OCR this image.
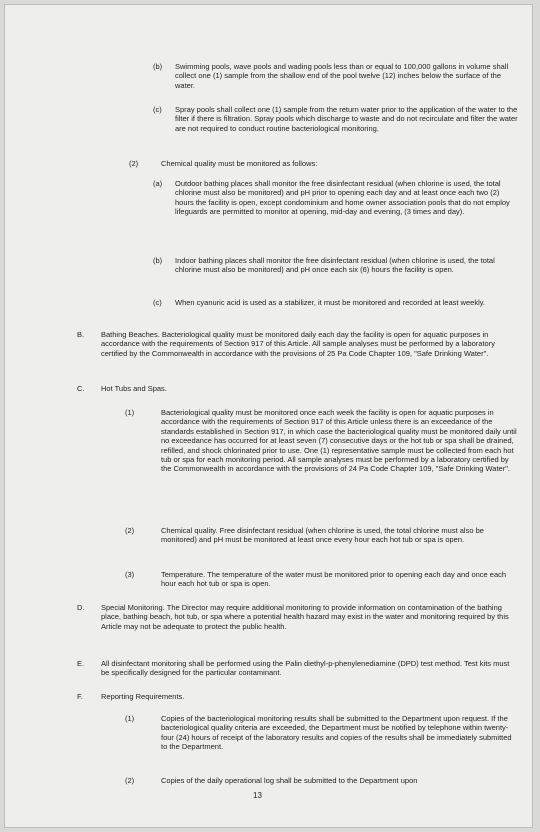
(b) Swimming pools, wave pools and wading pools less than or equal to 100,000 gallons in volume shall collect one (1) sample from the shallow end of the pool twelve (12) inches below the surface of the water.
(c) Spray pools shall collect one (1) sample from the return water prior to the application of the water to the filter if there is filtration. Spray pools which discharge to waste and do not recirculate and filter the water are not required to conduct routine bacteriological monitoring.
(2)	Chemical quality must be monitored as follows:
(a) Outdoor bathing places shall monitor the free disinfectant residual (when chlorine is used, the total chlorine must also be monitored) and pH prior to opening each day and at least once each two (2) hours the facility is open, except condominium and home owner association pools that do not employ lifeguards are permitted to monitor at opening, mid-day and evening, (3 times and day).
(b) Indoor bathing places shall monitor the free disinfectant residual (when chlorine is used, the total chlorine must also be monitored) and pH once each six (6) hours the facility is open.
(c) When cyanuric acid is used as a stabilizer, it must be monitored and recorded at least weekly.
B. Bathing Beaches. Bacteriological quality must be monitored daily each day the facility is open for aquatic purposes in accordance with the requirements of Section 917 of this Article. All sample analyses must be performed by a laboratory certified by the Commonwealth in accordance with the provisions of 25 Pa Code Chapter 109, "Safe Drinking Water".
C. Hot Tubs and Spas.
(1)	Bacteriological quality must be monitored once each week the facility is open for aquatic purposes in accordance with the requirements of Section 917 of this Article unless there is an exceedance of the standards established in Section 917, in which case the bacteriological quality must be monitored daily until no exceedance has occurred for at least seven (7) consecutive days or the hot tub or spa shall be drained, refilled, and shock chlorinated prior to use. One (1) representative sample must be collected from each hot tub or spa for each monitoring period. All sample analyses must be performed by a laboratory certified by the Commonwealth in accordance with the provisions of 24 Pa Code Chapter 109, "Safe Drinking Water".
(2)	Chemical quality. Free disinfectant residual (when chlorine is used, the total chlorine must also be monitored) and pH must be monitored at least once every hour each hot tub or spa is open.
(3)	Temperature. The temperature of the water must be monitored prior to opening each day and once each hour each hot tub or spa is open.
D. Special Monitoring. The Director may require additional monitoring to provide information on contamination of the bathing place, bathing beach, hot tub, or spa where a potential health hazard may exist in the water and monitoring required by this Article may not be adequate to protect the public health.
E. All disinfectant monitoring shall be performed using the Palin diethyl-p-phenylenediamine (DPD) test method. Test kits must be specifically designed for the particular contaminant.
F. Reporting Requirements.
(1)	Copies of the bacteriological monitoring results shall be submitted to the Department upon request. If the bacteriological quality criteria are exceeded, the Department must be notified by telephone within twenty-four (24) hours of receipt of the laboratory results and copies of the results shall be immediately submitted to the Department.
(2)	Copies of the daily operational log shall be submitted to the Department upon
13
